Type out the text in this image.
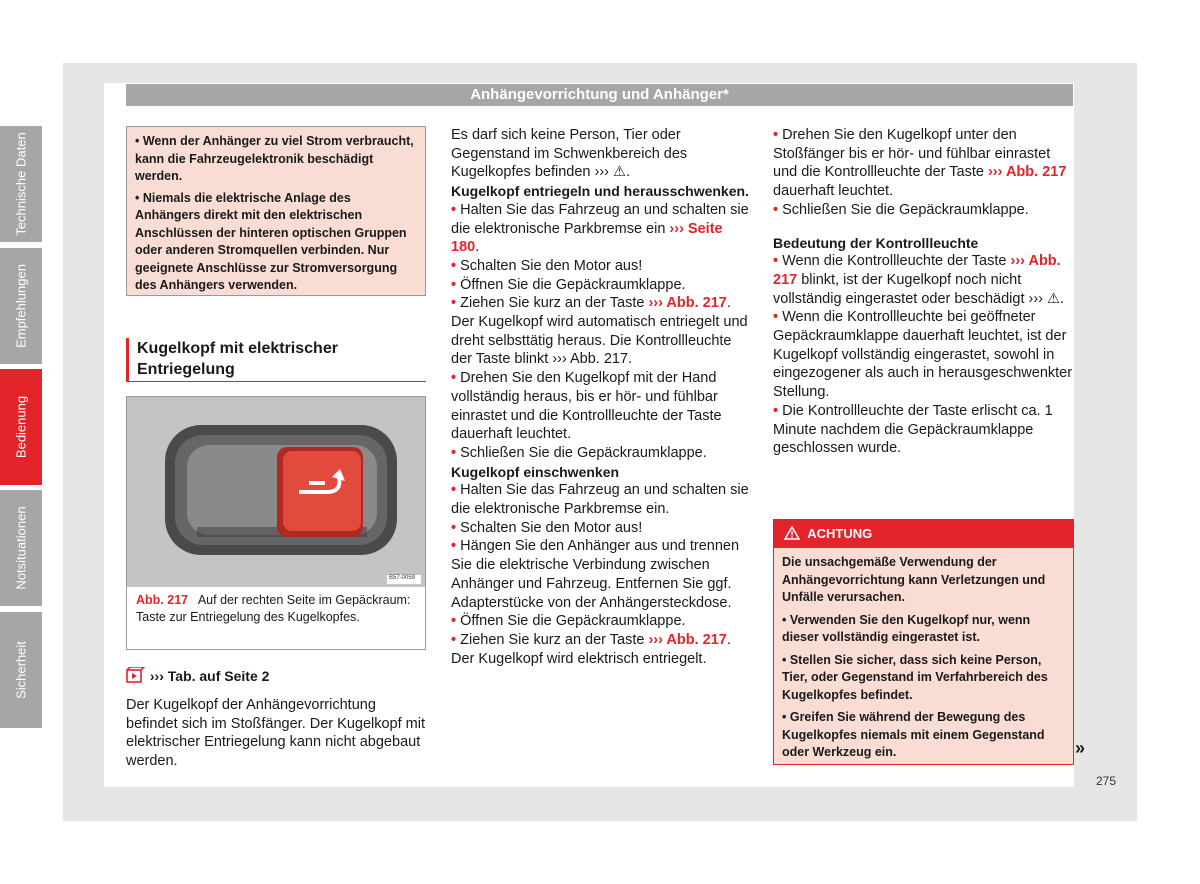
Anhängevorrichtung und Anhänger*

• Wenn der Anhänger zu viel Strom verbraucht, kann die Fahrzeugelektronik beschädigt werden.

• Niemals die elektrische Anlage des Anhängers direkt mit den elektrischen Anschlüssen der hinteren optischen Gruppen oder anderen Stromquellen verbinden. Nur geeignete Anschlüsse zur Stromversorgung des Anhängers verwenden.

Kugelkopf mit elektrischer Entriegelung
B57-0059
Abb. 217 Auf der rechten Seite im Gepäckraum: Taste zur Entriegelung des Kugelkopfes.
››› Tab. auf Seite 2
Der Kugelkopf der Anhängevorrichtung befindet sich im Stoßfänger. Der Kugelkopf mit elektrischer Entriegelung kann nicht abgebaut werden.

Es darf sich keine Person, Tier oder Gegenstand im Schwenkbereich des Kugelkopfes befinden ››› ⚠.

Kugelkopf entriegeln und herausschwenken.

• Halten Sie das Fahrzeug an und schalten sie die elektronische Parkbremse ein ››› Seite 180.

• Schalten Sie den Motor aus!

• Öffnen Sie die Gepäckraumklappe.

• Ziehen Sie kurz an der Taste ››› Abb. 217. Der Kugelkopf wird automatisch entriegelt und dreht selbsttätig heraus. Die Kontrollleuchte der Taste blinkt ››› Abb. 217.

• Drehen Sie den Kugelkopf mit der Hand vollständig heraus, bis er hör- und fühlbar einrastet und die Kontrollleuchte der Taste dauerhaft leuchtet.

• Schließen Sie die Gepäckraumklappe.

Kugelkopf einschwenken

• Halten Sie das Fahrzeug an und schalten sie die elektronische Parkbremse ein.

• Schalten Sie den Motor aus!

• Hängen Sie den Anhänger aus und trennen Sie die elektrische Verbindung zwischen Anhänger und Fahrzeug. Entfernen Sie ggf. Adapterstücke von der Anhängersteckdose.

• Öffnen Sie die Gepäckraumklappe.

• Ziehen Sie kurz an der Taste ››› Abb. 217. Der Kugelkopf wird elektrisch entriegelt.

• Drehen Sie den Kugelkopf unter den Stoßfänger bis er hör- und fühlbar einrastet und die Kontrollleuchte der Taste ››› Abb. 217 dauerhaft leuchtet.

• Schließen Sie die Gepäckraumklappe.

Bedeutung der Kontrollleuchte

• Wenn die Kontrollleuchte der Taste ››› Abb. 217 blinkt, ist der Kugelkopf noch nicht vollständig eingerastet oder beschädigt ››› ⚠.

• Wenn die Kontrollleuchte bei geöffneter Gepäckraumklappe dauerhaft leuchtet, ist der Kugelkopf vollständig eingerastet, sowohl in eingezogener als auch in herausgeschwenkter Stellung.

• Die Kontrollleuchte der Taste erlischt ca. 1 Minute nachdem die Gepäckraumklappe geschlossen wurde.

ACHTUNG

Die unsachgemäße Verwendung der Anhängevorrichtung kann Verletzungen und Unfälle verursachen.

• Verwenden Sie den Kugelkopf nur, wenn dieser vollständig eingerastet ist.

• Stellen Sie sicher, dass sich keine Person, Tier, oder Gegenstand im Verfahrbereich des Kugelkopfes befindet.

• Greifen Sie während der Bewegung des Kugelkopfes niemals mit einem Gegenstand oder Werkzeug ein.	»
Technische Daten
Empfehlungen
Bedienung
Notsituationen
Sicherheit
275
